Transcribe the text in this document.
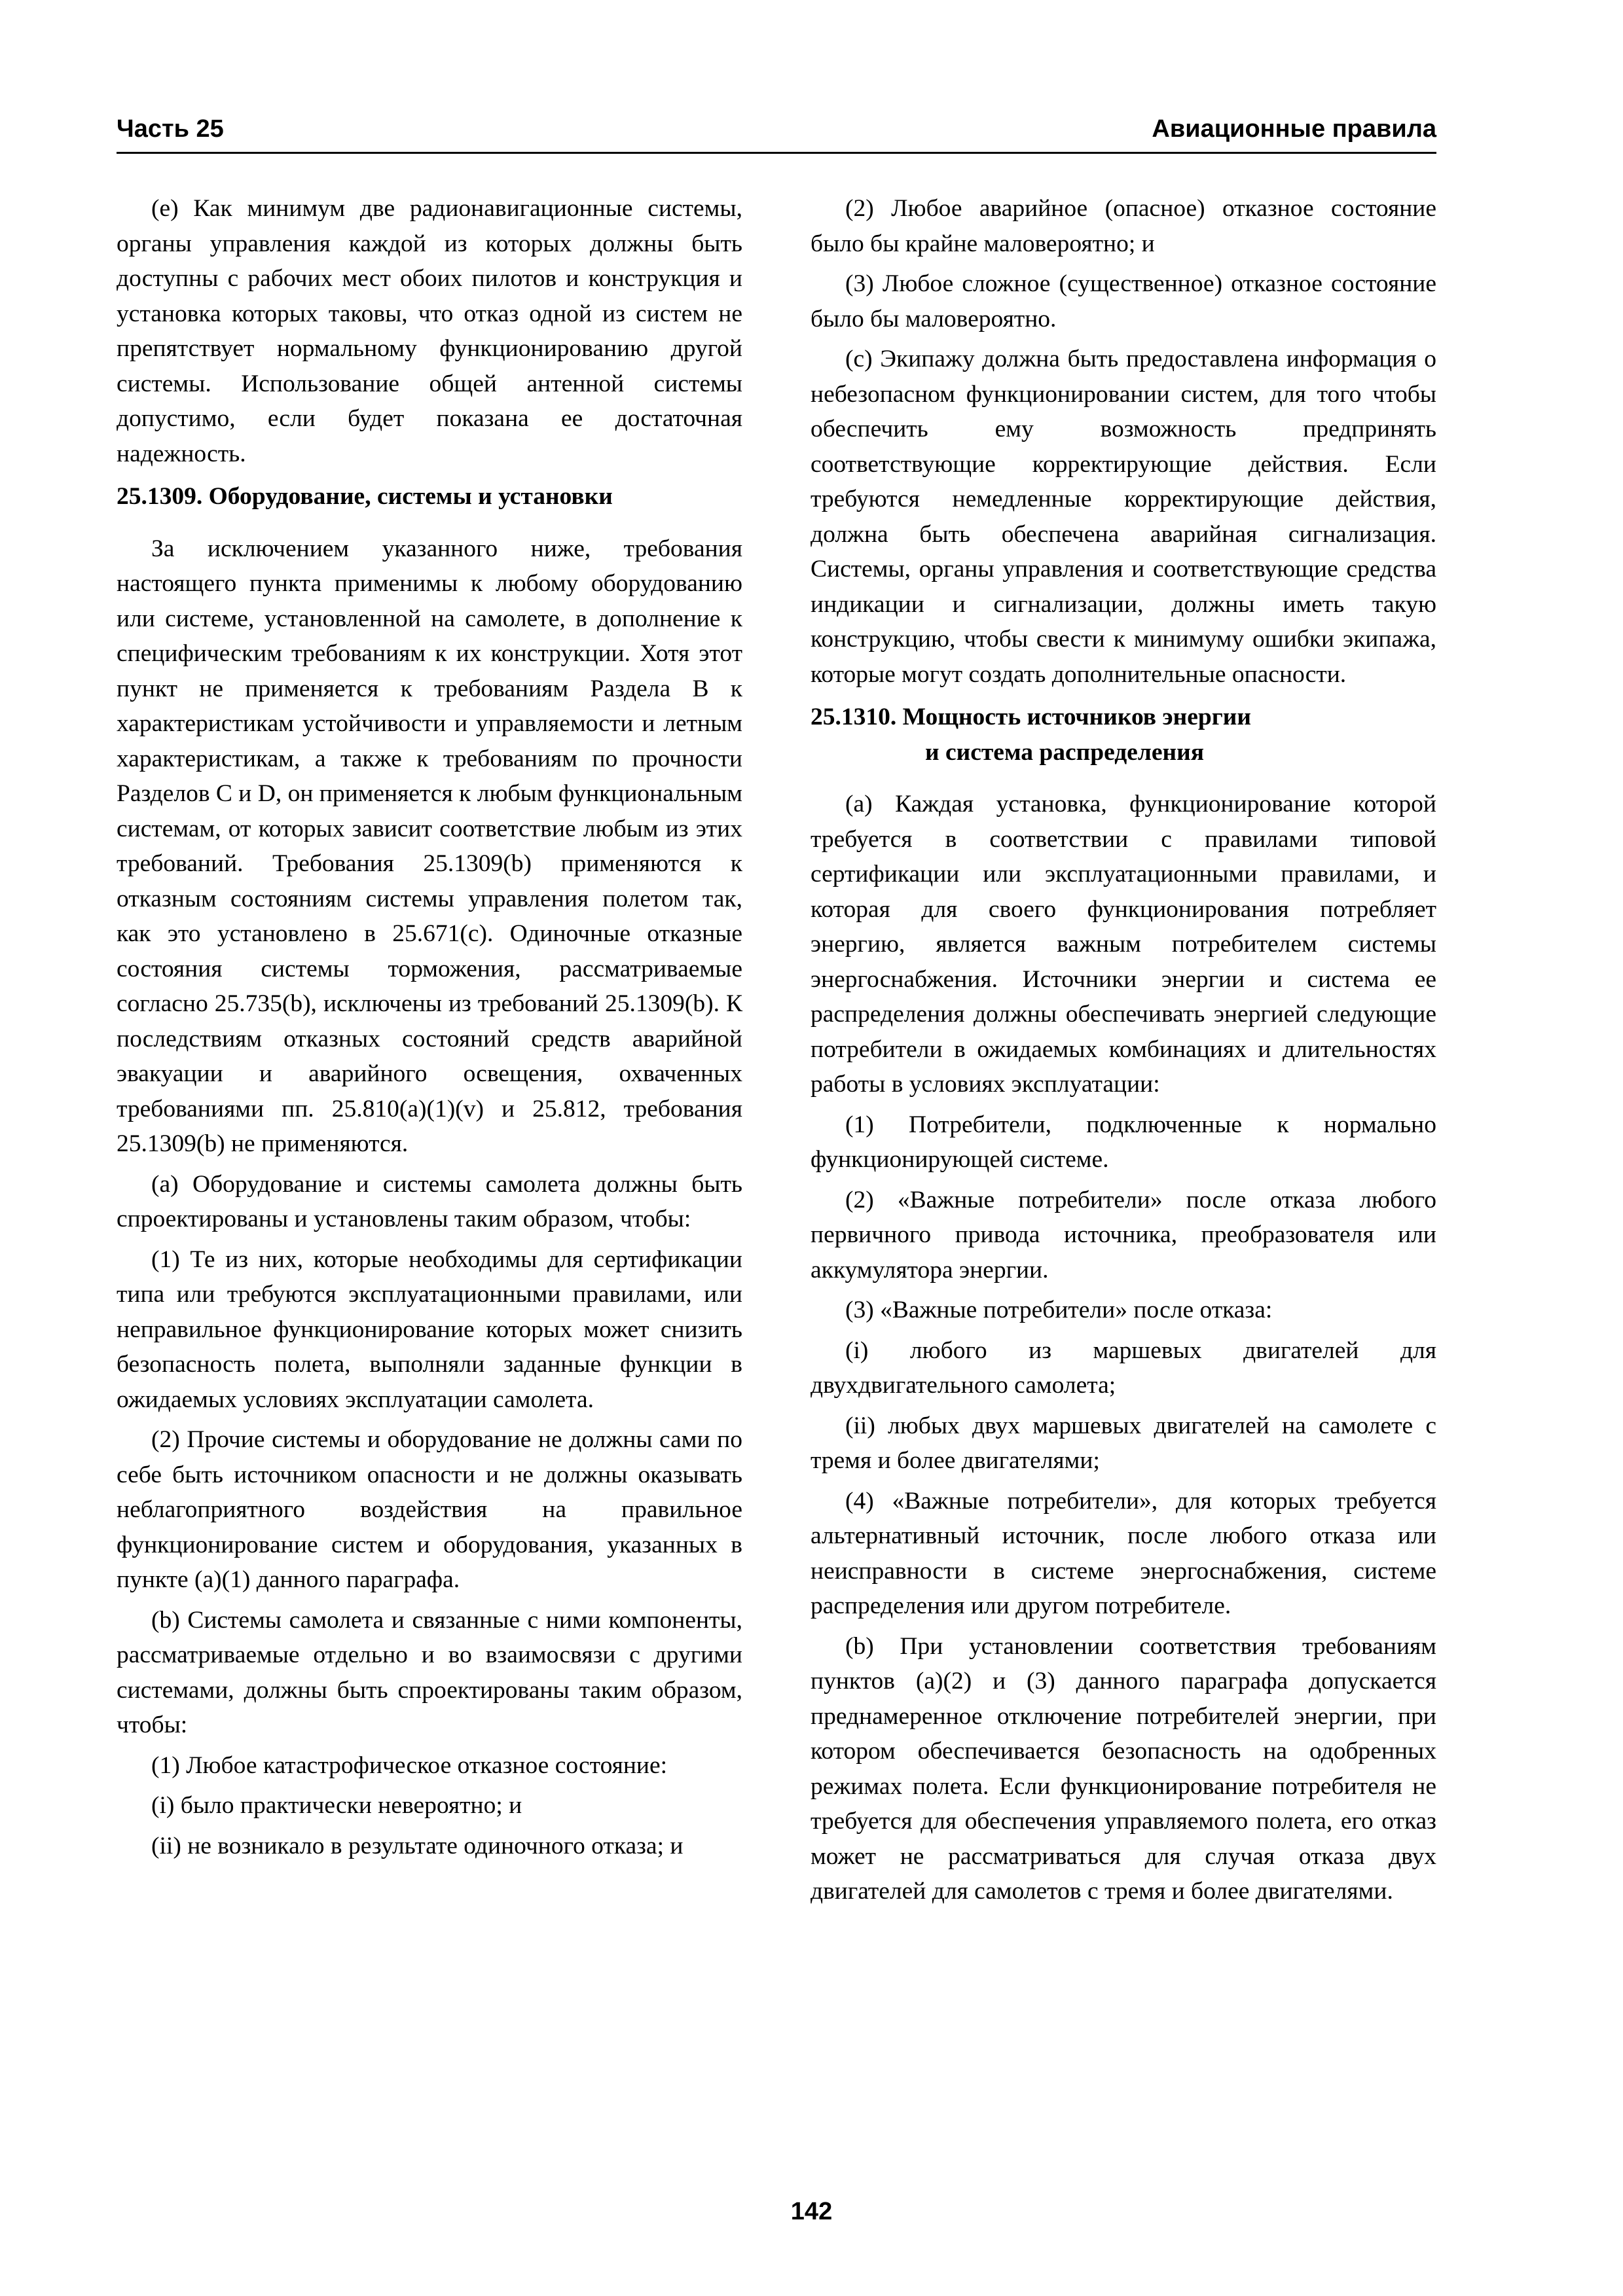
Часть 25	Авиационные правила

(е) Как минимум две радионавигационные системы, органы управления каждой из которых должны быть доступны с рабочих мест обоих пилотов и конструкция и установка которых таковы, что отказ одной из систем не препятствует нормальному функционированию другой системы. Использование общей антенной системы допустимо, если будет показана ее достаточная надежность.

25.1309. Оборудование, системы и установки

За исключением указанного ниже, требования настоящего пункта применимы к любому оборудованию или системе, установленной на самолете, в дополнение к специфическим требованиям к их конструкции. Хотя этот пункт не применяется к требованиям Раздела B к характеристикам устойчивости и управляемости и летным характеристикам, а также к требованиям по прочности Разделов C и D, он применяется к любым функциональным системам, от которых зависит соответствие любым из этих требований. Требования 25.1309(b) применяются к отказным состояниям системы управления полетом так, как это установлено в 25.671(c). Одиночные отказные состояния системы торможения, рассматриваемые согласно 25.735(b), исключены из требований 25.1309(b). К последствиям отказных состояний средств аварийной эвакуации и аварийного освещения, охваченных требованиями пп. 25.810(a)(1)(v) и 25.812, требования 25.1309(b) не применяются.

(a) Оборудование и системы самолета должны быть спроектированы и установлены таким образом, чтобы:

(1) Те из них, которые необходимы для сертификации типа или требуются эксплуатационными правилами, или неправильное функционирование которых может снизить безопасность полета, выполняли заданные функции в ожидаемых условиях эксплуатации самолета.

(2) Прочие системы и оборудование не должны сами по себе быть источником опасности и не должны оказывать неблагоприятного воздействия на правильное функционирование систем и оборудования, указанных в пункте (a)(1) данного параграфа.

(b) Системы самолета и связанные с ними компоненты, рассматриваемые отдельно и во взаимосвязи с другими системами, должны быть спроектированы таким образом, чтобы:

(1) Любое катастрофическое отказное состояние:

(i) было практически невероятно; и

(ii) не возникало в результате одиночного отказа; и

(2) Любое аварийное (опасное) отказное состояние было бы крайне маловероятно; и

(3) Любое сложное (существенное) отказное состояние было бы маловероятно.

(с) Экипажу должна быть предоставлена информация о небезопасном функционировании систем, для того чтобы обеспечить ему возможность предпринять соответствующие корректирующие действия. Если требуются немедленные корректирующие действия, должна быть обеспечена аварийная сигнализация. Системы, органы управления и соответствующие средства индикации и сигнализации, должны иметь такую конструкцию, чтобы свести к минимуму ошибки экипажа, которые могут создать дополнительные опасности.

25.1310. Мощность источников энергии
и система распределения

(а) Каждая установка, функционирование которой требуется в соответствии с правилами типовой сертификации или эксплуатационными правилами, и которая для своего функционирования потребляет энергию, является важным потребителем системы энергоснабжения. Источники энергии и система ее распределения должны обеспечивать энергией следующие потребители в ожидаемых комбинациях и длительностях работы в условиях эксплуатации:

(1) Потребители, подключенные к нормально функционирующей системе.

(2) «Важные потребители» после отказа любого первичного привода источника, преобразователя или аккумулятора энергии.

(3) «Важные потребители» после отказа:

(i) любого из маршевых двигателей для двухдвигательного самолета;

(ii) любых двух маршевых двигателей на самолете с тремя и более двигателями;

(4) «Важные потребители», для которых требуется альтернативный источник, после любого отказа или неисправности в системе энергоснабжения, системе распределения или другом потребителе.

(b) При установлении соответствия требованиям пунктов (a)(2) и (3) данного параграфа допускается преднамеренное отключение потребителей энергии, при котором обеспечивается безопасность на одобренных режимах полета. Если функционирование потребителя не требуется для обеспечения управляемого полета, его отказ может не рассматриваться для случая отказа двух двигателей для самолетов с тремя и более двигателями.

142
